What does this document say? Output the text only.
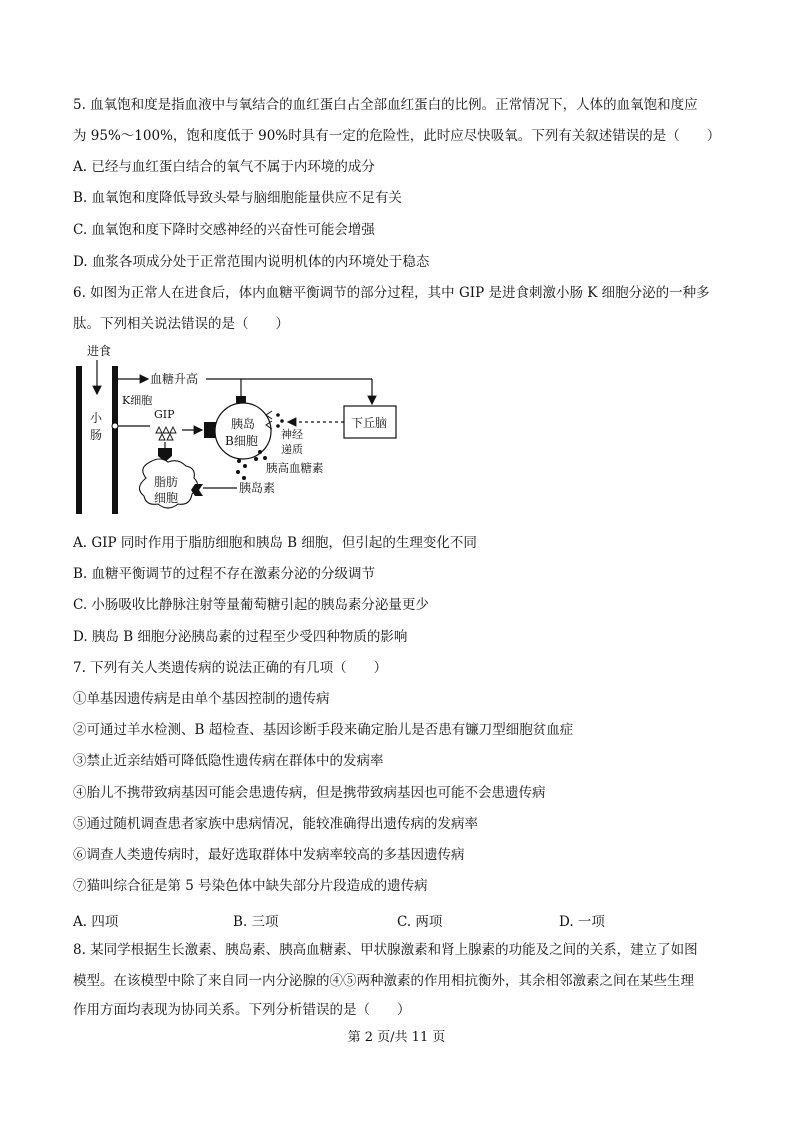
5. 血氧饱和度是指血液中与氧结合的血红蛋白占全部血红蛋白的比例。正常情况下，人体的血氧饱和度应
为 95%～100%，饱和度低于 90%时具有一定的危险性，此时应尽快吸氧。下列有关叙述错误的是（　　）
A. 已经与血红蛋白结合的氧气不属于内环境的成分
B. 血氧饱和度降低导致头晕与脑细胞能量供应不足有关
C. 血氧饱和度下降时交感神经的兴奋性可能会增强
D. 血浆各项成分处于正常范围内说明机体的内环境处于稳态
6. 如图为正常人在进食后，体内血糖平衡调节的部分过程，其中 GIP 是进食刺激小肠 K 细胞分泌的一种多
肽。下列相关说法错误的是（　　）
进食
小
肠
K细胞
血糖升高
GIP
胰岛
B细胞 神经
递质
下丘脑
胰高血糖素
胰岛素
脂肪
细胞
A. GIP 同时作用于脂肪细胞和胰岛 B 细胞，但引起的生理变化不同
B. 血糖平衡调节的过程不存在激素分泌的分级调节
C. 小肠吸收比静脉注射等量葡萄糖引起的胰岛素分泌量更少
D. 胰岛 B 细胞分泌胰岛素的过程至少受四种物质的影响
7. 下列有关人类遗传病的说法正确的有几项（　　）
①单基因遗传病是由单个基因控制的遗传病
②可通过羊水检测、B 超检查、基因诊断手段来确定胎儿是否患有镰刀型细胞贫血症
③禁止近亲结婚可降低隐性遗传病在群体中的发病率
④胎儿不携带致病基因可能会患遗传病，但是携带致病基因也可能不会患遗传病
⑤通过随机调查患者家族中患病情况，能较准确得出遗传病的发病率
⑥调查人类遗传病时，最好选取群体中发病率较高的多基因遗传病
⑦猫叫综合征是第 5 号染色体中缺失部分片段造成的遗传病
A. 四项	B. 三项	C. 两项	D. 一项
8. 某同学根据生长激素、胰岛素、胰高血糖素、甲状腺激素和肾上腺素的功能及之间的关系，建立了如图
模型。在该模型中除了来自同一内分泌腺的④⑤两种激素的作用相抗衡外，其余相邻激素之间在某些生理
作用方面均表现为协同关系。下列分析错误的是（　　）
第 2 页/共 11 页
